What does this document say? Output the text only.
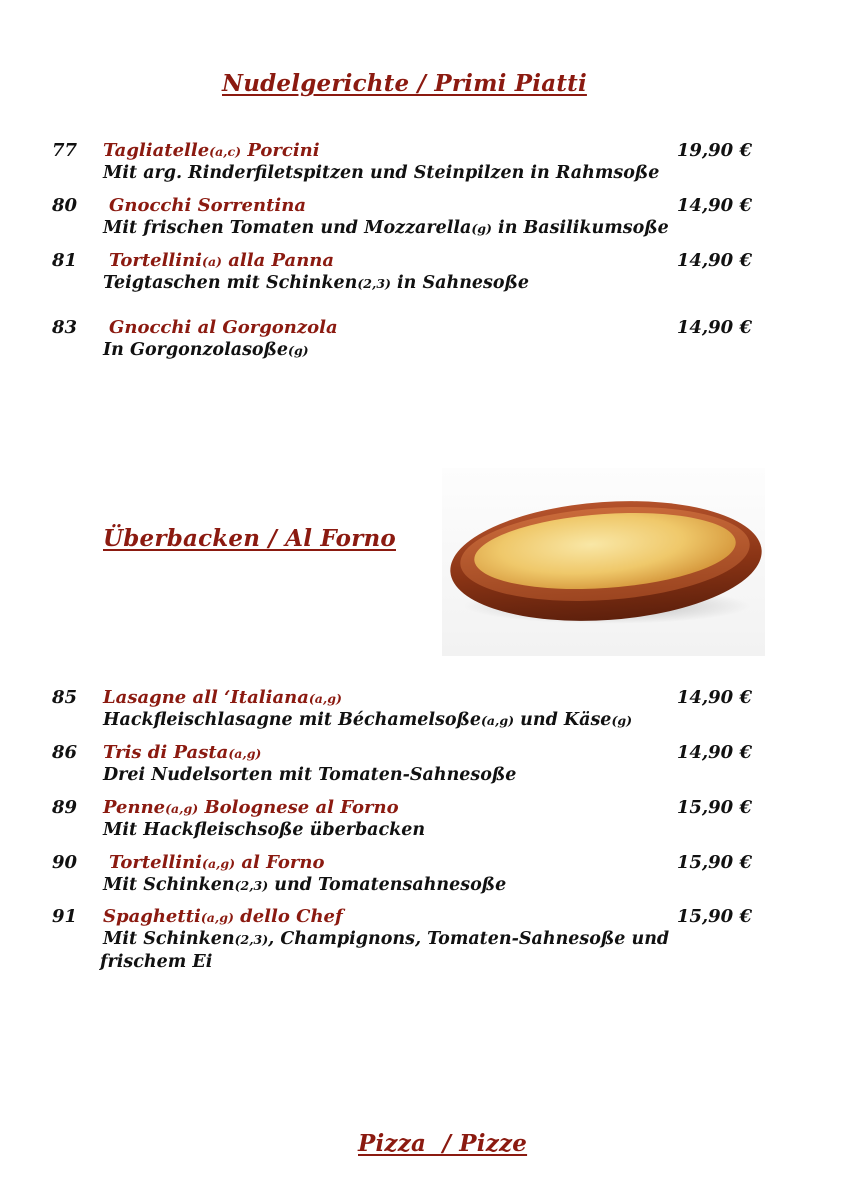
Nudelgerichte / Primi Piatti
77 Tagliatelle(a,c) Porcini	19,90 €
Mit arg. Rinderfiletspitzen und Steinpilzen in Rahmsoße
80 Gnocchi Sorrentina	14,90 €
Mit frischen Tomaten und Mozzarella(g) in Basilikumsoße
81 Tortellini(a) alla Panna	14,90 €
Teigtaschen mit Schinken(2,3) in Sahnesoße
83 Gnocchi al Gorgonzola	14,90 €
In Gorgonzolasoße(g)
Überbacken / Al Forno
85 Lasagne all ‘Italiana(a,g)	14,90 €
Hackfleischlasagne mit Béchamelsoße(a,g) und Käse(g)
86 Tris di Pasta(a,g)	14,90 €
Drei Nudelsorten mit Tomaten-Sahnesoße
89 Penne(a,g) Bolognese al Forno	15,90 €
Mit Hackfleischsoße überbacken
90 Tortellini(a,g) al Forno	15,90 €
Mit Schinken(2,3) und Tomatensahnesoße
91 Spaghetti(a,g) dello Chef	15,90 €
Mit Schinken(2,3), Champignons, Tomaten-Sahnesoße und
frischem Ei
Pizza  / Pizze
